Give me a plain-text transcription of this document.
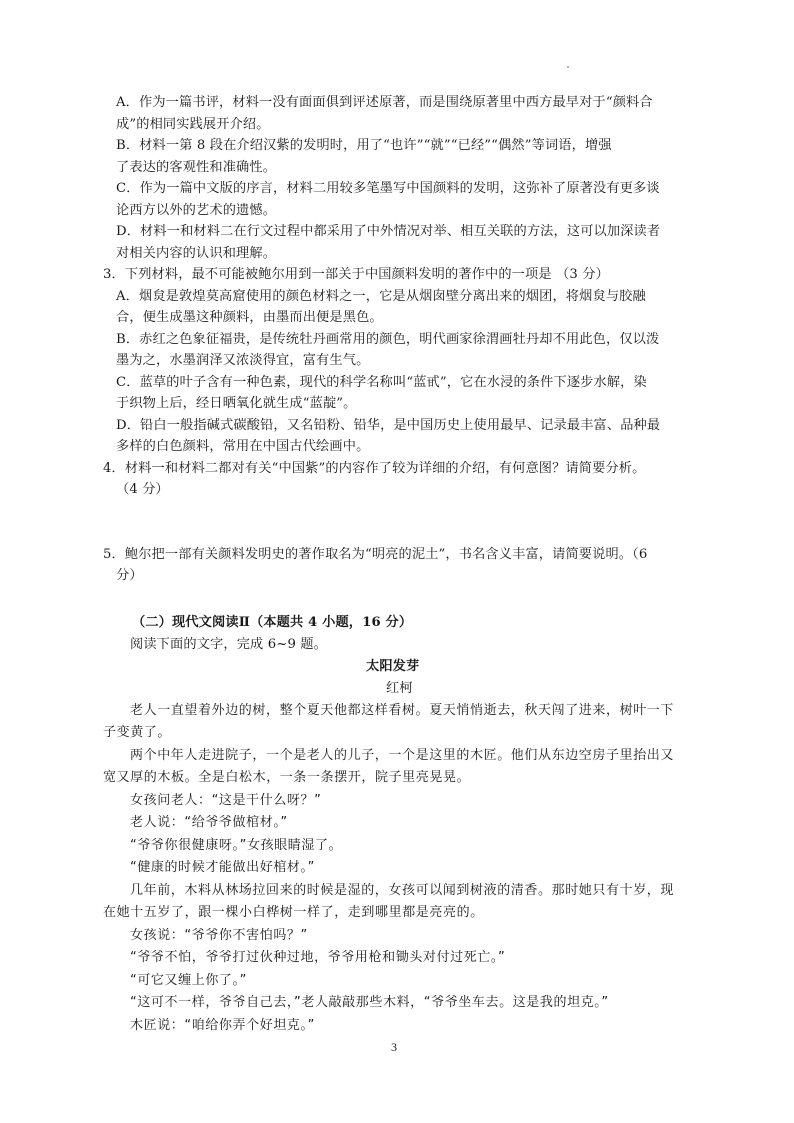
A．作为一篇书评，材料一没有面面俱到评述原著，而是围绕原著里中西方最早对于“颜料合
成”的相同实践展开介绍。
B．材料一第 8 段在介绍汉紫的发明时，用了“也许”“就”“已经”“偶然”等词语，增强
了表达的客观性和准确性。
C．作为一篇中文版的序言，材料二用较多笔墨写中国颜料的发明，这弥补了原著没有更多谈
论西方以外的艺术的遗憾。
D．材料一和材料二在行文过程中都采用了中外情况对举、相互关联的方法，这可以加深读者
对相关内容的认识和理解。
3．下列材料，最不可能被鲍尔用到一部关于中国颜料发明的著作中的一项是 （3 分）
A．烟炱是敦煌莫高窟使用的颜色材料之一，它是从烟囱壁分离出来的烟团，将烟炱与胶融
合，便生成墨这种颜料，由墨而出便是黑色。
B．赤红之色象征福贵，是传统牡丹画常用的颜色，明代画家徐渭画牡丹却不用此色，仅以泼
墨为之，水墨润泽又浓淡得宜，富有生气。
C．蓝草的叶子含有一种色素，现代的科学名称叫“蓝甙”，它在水浸的条件下逐步水解，染
于织物上后，经日晒氧化就生成“蓝靛”。
D．铅白一般指碱式碳酸铅，又名铅粉、铅华，是中国历史上使用最早、记录最丰富、品种最
多样的白色颜料，常用在中国古代绘画中。
4．材料一和材料二都对有关“中国紫”的内容作了较为详细的介绍，有何意图？请简要分析。
（4 分）
5．鲍尔把一部有关颜料发明史的著作取名为“明亮的泥土”，书名含义丰富，请简要说明。（6
分）
（二）现代文阅读Ⅱ（本题共 4 小题，16 分）
阅读下面的文字，完成 6~9 题。
太阳发芽
红柯
老人一直望着外边的树，整个夏天他都这样看树。夏天悄悄逝去，秋天闯了进来，树叶一下
子变黄了。
两个中年人走进院子，一个是老人的儿子，一个是这里的木匠。他们从东边空房子里抬出又
宽又厚的木板。全是白松木，一条一条摆开，院子里亮晃晃。
女孩问老人：“这是干什么呀？”
老人说：“给爷爷做棺材。”
“爷爷你很健康呀。”女孩眼睛湿了。
“健康的时候才能做出好棺材。”
几年前，木料从林场拉回来的时候是湿的，女孩可以闻到树液的清香。那时她只有十岁，现
在她十五岁了，跟一棵小白桦树一样了，走到哪里都是亮亮的。
女孩说：“爷爷你不害怕吗？”
“爷爷不怕，爷爷打过伙种过地，爷爷用枪和锄头对付过死亡。”
“可它又缠上你了。”
“这可不一样，爷爷自己去，”老人敲敲那些木料，“爷爷坐车去。这是我的坦克。”
木匠说：“咱给你弄个好坦克。”
3
